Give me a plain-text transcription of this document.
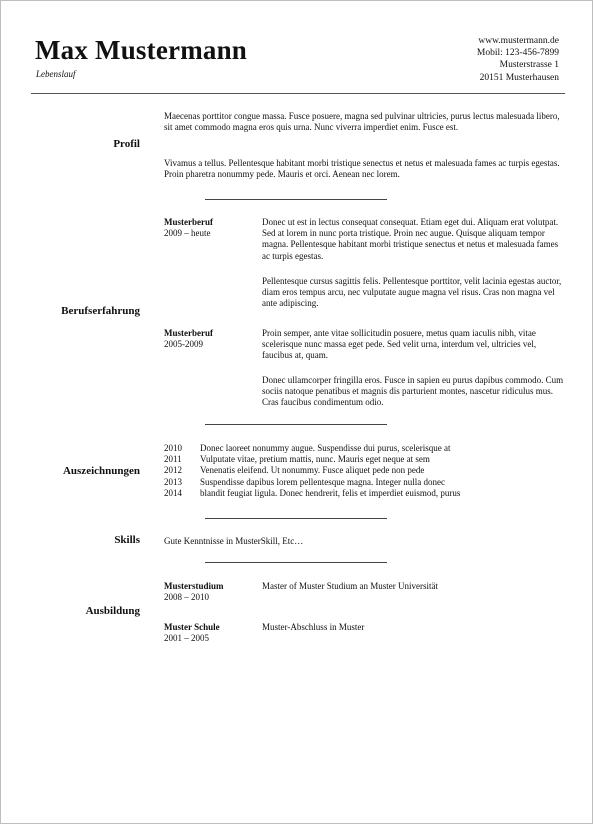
Max Mustermann
Lebenslauf
www.mustermann.de
Mobil: 123-456-7899
Musterstrasse 1
20151 Musterhausen
Profil
Maecenas porttitor congue massa. Fusce posuere, magna sed pulvinar ultricies, purus lectus malesuada libero, sit amet commodo magna eros quis urna. Nunc viverra imperdiet enim. Fusce est.
Vivamus a tellus. Pellentesque habitant morbi tristique senectus et netus et malesuada fames ac turpis egestas. Proin pharetra nonummy pede. Mauris et orci. Aenean nec lorem.
Berufserfahrung
Musterberuf
2009 – heute
Donec ut est in lectus consequat consequat. Etiam eget dui. Aliquam erat volutpat. Sed at lorem in nunc porta tristique. Proin nec augue. Quisque aliquam tempor magna. Pellentesque habitant morbi tristique senectus et netus et malesuada fames ac turpis egestas.
Pellentesque cursus sagittis felis. Pellentesque porttitor, velit lacinia egestas auctor, diam eros tempus arcu, nec vulputate augue magna vel risus. Cras non magna vel ante adipiscing.
Musterberuf
2005-2009
Proin semper, ante vitae sollicitudin posuere, metus quam iaculis nibh, vitae scelerisque nunc massa eget pede. Sed velit urna, interdum vel, ultricies vel, faucibus at, quam.
Donec ullamcorper fringilla eros. Fusce in sapien eu purus dapibus commodo. Cum sociis natoque penatibus et magnis dis parturient montes, nascetur ridiculus mus. Cras faucibus condimentum odio.
Auszeichnungen
2010 Donec laoreet nonummy augue. Suspendisse dui purus, scelerisque at
2011 Vulputate vitae, pretium mattis, nunc. Mauris eget neque at sem
2012 Venenatis eleifend. Ut nonummy. Fusce aliquet pede non pede
2013 Suspendisse dapibus lorem pellentesque magna. Integer nulla donec
2014 blandit feugiat ligula. Donec hendrerit, felis et imperdiet euismod, purus
Skills	Gute Kenntnisse in MusterSkill, Etc…
Ausbildung
Musterstudium
2008 – 2010
Master of Muster Studium an Muster Universität
Muster Schule
2001 – 2005
Muster-Abschluss in Muster
